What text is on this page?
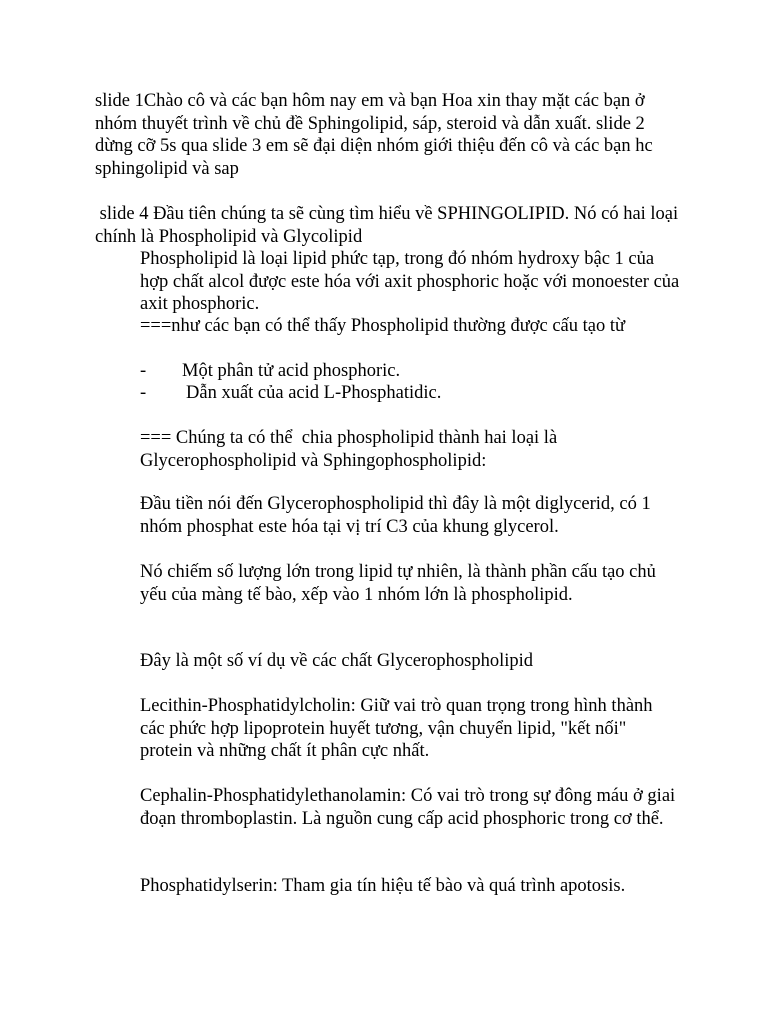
slide 1Chào cô và các bạn hôm nay em và bạn Hoa xin thay mặt các bạn ở nhóm thuyết trình về chủ đề Sphingolipid, sáp, steroid và dẫn xuất. slide 2 dừng cỡ 5s qua slide 3 em sẽ đại diện nhóm giới thiệu đến cô và các bạn hc sphingolipid và sap

slide 4 Đầu tiên chúng ta sẽ cùng tìm hiểu về SPHINGOLIPID. Nó có hai loại chính là Phospholipid và Glycolipid

Phospholipid là loại lipid phức tạp, trong đó nhóm hydroxy bậc 1 của hợp chất alcol được este hóa với axit phosphoric hoặc với monoester của axit phosphoric.

===như các bạn có thể thấy Phospholipid thường được cấu tạo từ

-	Một phân tử acid phosphoric.
-	Dẫn xuất của acid L-Phosphatidic.

=== Chúng ta có thể  chia phospholipid thành hai loại là Glycerophospholipid và Sphingophospholipid:

Đầu tiền nói đến Glycerophospholipid thì đây là một diglycerid, có 1 nhóm phosphat este hóa tại vị trí C3 của khung glycerol.

Nó chiếm số lượng lớn trong lipid tự nhiên, là thành phần cấu tạo chủ yếu của màng tế bào, xếp vào 1 nhóm lớn là phospholipid.

Đây là một số ví dụ về các chất Glycerophospholipid

Lecithin-Phosphatidylcholin: Giữ vai trò quan trọng trong hình thành các phức hợp lipoprotein huyết tương, vận chuyển lipid, "kết nối" protein và những chất ít phân cực nhất.

Cephalin-Phosphatidylethanolamin: Có vai trò trong sự đông máu ở giai đoạn thromboplastin. Là nguồn cung cấp acid phosphoric trong cơ thể.

Phosphatidylserin: Tham gia tín hiệu tế bào và quá trình apotosis.
